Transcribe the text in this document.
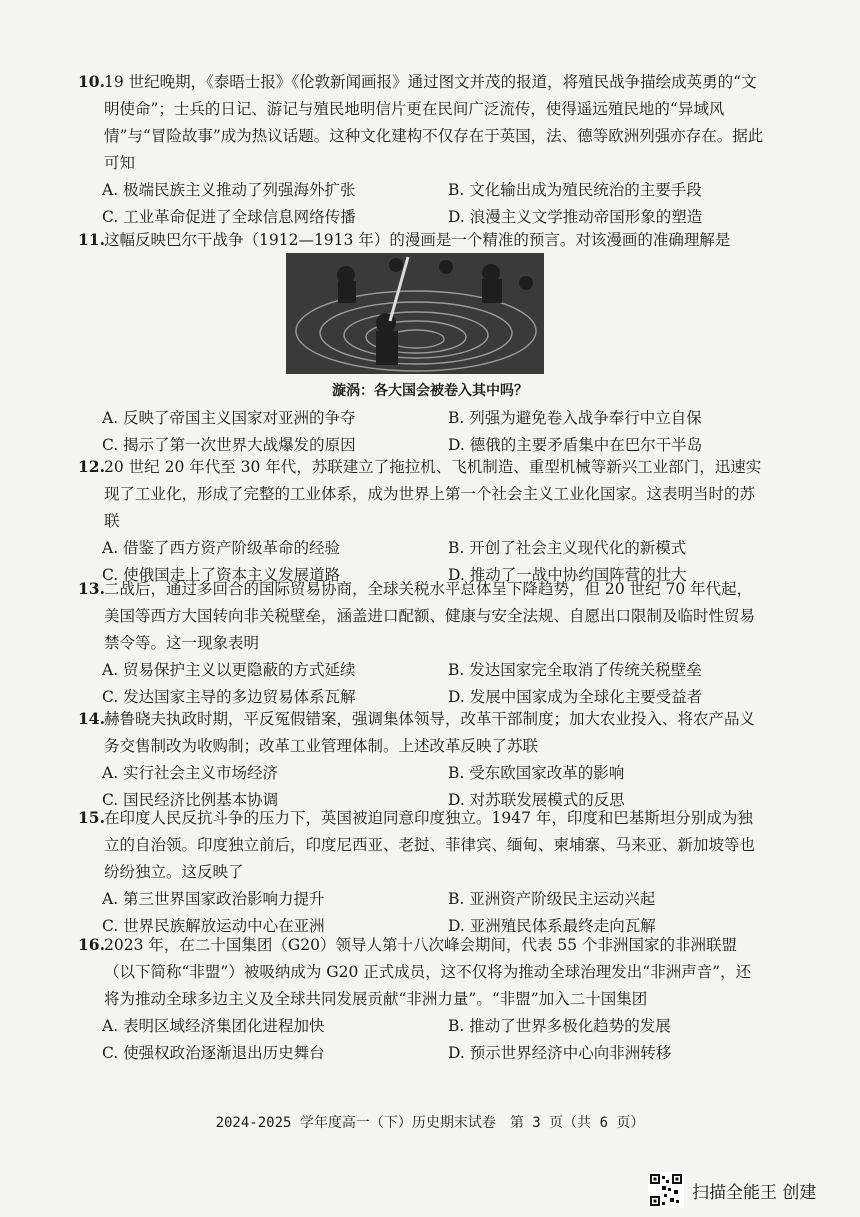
10.19 世纪晚期，《泰晤士报》《伦敦新闻画报》通过图文并茂的报道，将殖民战争描绘成英勇的“文明使命”；士兵的日记、游记与殖民地明信片更在民间广泛流传，使得遥远殖民地的“异域风情”与“冒险故事”成为热议话题。这种文化建构不仅存在于英国，法、德等欧洲列强亦存在。据此可知
A. 极端民族主义推动了列强海外扩张	B. 文化输出成为殖民统治的主要手段
C. 工业革命促进了全球信息网络传播	D. 浪漫主义文学推动帝国形象的塑造
11.这幅反映巴尔干战争（1912—1913 年）的漫画是一个精准的预言。对该漫画的准确理解是
漩涡：各大国会被卷入其中吗？
A. 反映了帝国主义国家对亚洲的争夺	B. 列强为避免卷入战争奉行中立自保
C. 揭示了第一次世界大战爆发的原因	D. 德俄的主要矛盾集中在巴尔干半岛
12.20 世纪 20 年代至 30 年代，苏联建立了拖拉机、飞机制造、重型机械等新兴工业部门，迅速实现了工业化，形成了完整的工业体系，成为世界上第一个社会主义工业化国家。这表明当时的苏联
A. 借鉴了西方资产阶级革命的经验	B. 开创了社会主义现代化的新模式
C. 使俄国走上了资本主义发展道路	D. 推动了一战中协约国阵营的壮大
13.二战后，通过多回合的国际贸易协商，全球关税水平总体呈下降趋势，但 20 世纪 70 年代起，美国等西方大国转向非关税壁垒，涵盖进口配额、健康与安全法规、自愿出口限制及临时性贸易禁令等。这一现象表明
A. 贸易保护主义以更隐蔽的方式延续	B. 发达国家完全取消了传统关税壁垒
C. 发达国家主导的多边贸易体系瓦解	D. 发展中国家成为全球化主要受益者
14.赫鲁晓夫执政时期，平反冤假错案，强调集体领导，改革干部制度；加大农业投入、将农产品义务交售制改为收购制；改革工业管理体制。上述改革反映了苏联
A. 实行社会主义市场经济	B. 受东欧国家改革的影响
C. 国民经济比例基本协调	D. 对苏联发展模式的反思
15.在印度人民反抗斗争的压力下，英国被迫同意印度独立。1947 年，印度和巴基斯坦分别成为独立的自治领。印度独立前后，印度尼西亚、老挝、菲律宾、缅甸、柬埔寨、马来亚、新加坡等也纷纷独立。这反映了
A. 第三世界国家政治影响力提升	B. 亚洲资产阶级民主运动兴起
C. 世界民族解放运动中心在亚洲	D. 亚洲殖民体系最终走向瓦解
16.2023 年，在二十国集团（G20）领导人第十八次峰会期间，代表 55 个非洲国家的非洲联盟（以下简称“非盟”）被吸纳成为 G20 正式成员，这不仅将为推动全球治理发出“非洲声音”，还将为推动全球多边主义及全球共同发展贡献“非洲力量”。“非盟”加入二十国集团
A. 表明区域经济集团化进程加快	B. 推动了世界多极化趋势的发展
C. 使强权政治逐渐退出历史舞台	D. 预示世界经济中心向非洲转移
2024-2025 学年度高一（下）历史期末试卷　第 3 页（共 6 页）
扫描全能王 创建
